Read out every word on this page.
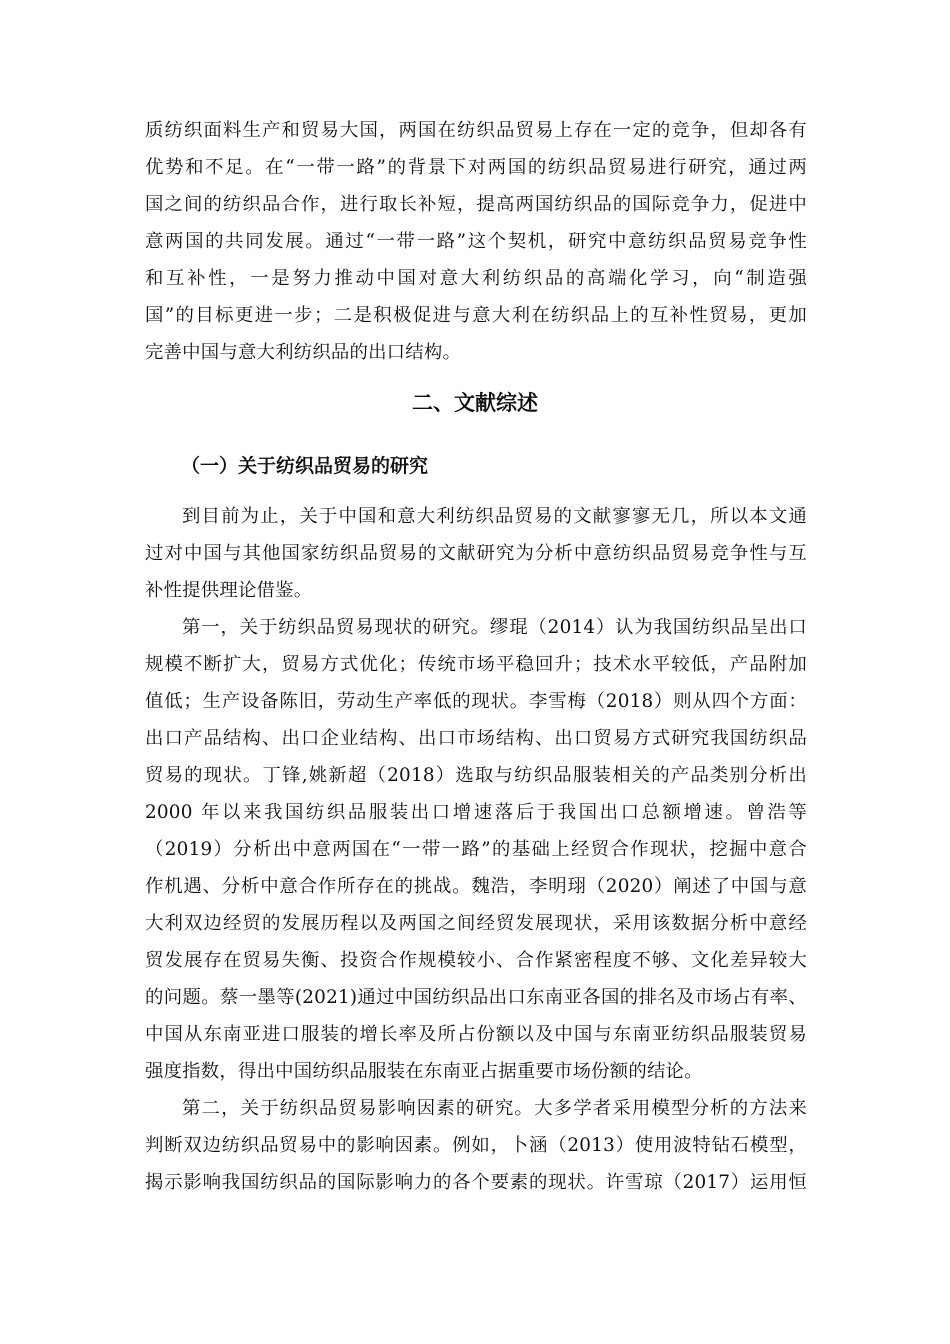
质纺织面料生产和贸易大国，两国在纺织品贸易上存在一定的竞争，但却各有
优势和不足。在“一带一路”的背景下对两国的纺织品贸易进行研究，通过两
国之间的纺织品合作，进行取长补短，提高两国纺织品的国际竞争力，促进中
意两国的共同发展。通过“一带一路”这个契机，研究中意纺织品贸易竞争性
和互补性，一是努力推动中国对意大利纺织品的高端化学习，向“制造强
国”的目标更进一步；二是积极促进与意大利在纺织品上的互补性贸易，更加
完善中国与意大利纺织品的出口结构。
二、文献综述
（一）关于纺织品贸易的研究
到目前为止，关于中国和意大利纺织品贸易的文献寥寥无几，所以本文通
过对中国与其他国家纺织品贸易的文献研究为分析中意纺织品贸易竞争性与互
补性提供理论借鉴。
第一，关于纺织品贸易现状的研究。缪琨（2014）认为我国纺织品呈出口
规模不断扩大，贸易方式优化；传统市场平稳回升；技术水平较低，产品附加
值低；生产设备陈旧，劳动生产率低的现状。李雪梅（2018）则从四个方面：
出口产品结构、出口企业结构、出口市场结构、出口贸易方式研究我国纺织品
贸易的现状。丁锋,姚新超（2018）选取与纺织品服装相关的产品类别分析出
2000 年以来我国纺织品服装出口增速落后于我国出口总额增速。曾浩等
（2019）分析出中意两国在“一带一路”的基础上经贸合作现状，挖掘中意合
作机遇、分析中意合作所存在的挑战。魏浩，李明珝（2020）阐述了中国与意
大利双边经贸的发展历程以及两国之间经贸发展现状，采用该数据分析中意经
贸发展存在贸易失衡、投资合作规模较小、合作紧密程度不够、文化差异较大
的问题。蔡一墨等(2021)通过中国纺织品出口东南亚各国的排名及市场占有率、
中国从东南亚进口服装的增长率及所占份额以及中国与东南亚纺织品服装贸易
强度指数，得出中国纺织品服装在东南亚占据重要市场份额的结论。
第二，关于纺织品贸易影响因素的研究。大多学者采用模型分析的方法来
判断双边纺织品贸易中的影响因素。例如，卜涵（2013）使用波特钻石模型，
揭示影响我国纺织品的国际影响力的各个要素的现状。许雪琼（2017）运用恒
